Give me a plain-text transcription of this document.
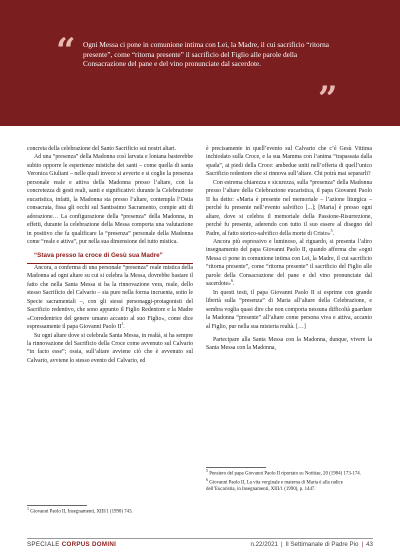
“ Ogni Messa ci pone in comunione intima con Lei, la Madre, il cui sacrificio “ritorna presente”, come “ritorna presente” il sacrificio del Figlio alle parole della Consacrazione del pane e del vino pronunciate dal sacerdote.

”

concreta della celebrazione del Santo Sacrificio sui nostri altari.

Ad una “presenza” della Madonna così larvata e lontana basterebbe subito opporre le esperienze mistiche dei santi – come quella di santa Veronica Giuliani – nelle quali invece si avverte e si coglie la presenza personale reale e attiva della Madonna presso l’altare, con la concretezza di gesti reali, santi e significativi: durante la Celebrazione eucaristica, infatti, la Madonna sta presso l’altare, contempla l’Ostia consacrata, fissa gli occhi sul Santissimo Sacramento, compie atti di adorazione… La configurazione della “presenza” della Madonna, in effetti, durante la celebrazione della Messa comporta una valutazione in positivo che fa qualificare la “presenza” personale della Madonna come “reale e attiva”, pur nella sua dimensione del tutto mistica.

“Stava presso la croce di Gesù sua Madre”

Ancora, a conferma di una personale “presenza” reale mistica della Madonna ad ogni altare su cui si celebra la Messa, dovrebbe bastare il fatto che nella Santa Messa si ha la rinnovazione vera, reale, dello stesso Sacrificio del Calvario – sia pure nella forma incruenta, sotto le Specie sacramentali –, con gli stessi personaggi-protagonisti del Sacrificio redentivo, che sono appunto il Figlio Redentore e la Madre «Corredentrice del genere umano accanto al suo Figlio», come dice espressamente il papa Giovanni Paolo $II^1$.

Su ogni altare dove si celebrala Santa Messa, in realtà, si ha sempre la rinnovazione del Sacrificio della Croce come avvenuto sul Calvario “in facto esse”; ossia, sull’altare avviene ciò che è avvenuto sul Calvario, avviene lo stesso evento del Calvario, ed

$^1$ Giovanni Paolo II, Insegnamenti, XIII/1 (1990) 743.

è precisamente in quell’evento sul Calvario che c’è Gesù Vittima inchiodato sulla Croce, e la sua Mamma con l’anima “trapassata dalla spada”, ai piedi della Croce: ambedue uniti nell’offerta di quell’unico Sacrificio redentore che si rinnova sull’altare. Chi potrà mai separarli?

Con estrema chiarezza e sicurezza, sulla “presenza” della Madonna presso l’altare della Celebrazione eucaristica, il papa Giovanni Paolo II ha detto: «Maria è presente nel memoriale – l’azione liturgica – perché fu presente nell’evento salvifico [...]; [Maria] è presso ogni altare, dove si celebra il memoriale della Passione-Risurrezione, perché fu presente, aderendo con tutto il suo essere al disegno del Padre, al fatto storico-salvifico della morte di Cristo»$^5$.

Ancora più espressivo e luminoso, al riguardo, si presenta l’altro insegnamento del papa Giovanni Paolo II, quando afferma che «ogni Messa ci pone in comunione intima con Lei, la Madre, il cui sacrificio “ritorna presente”, come “ritorna presente” il sacrificio del Figlio alle parole della Consacrazione del pane e del vino pronunciate dal sacerdote»$^6$.

In questi testi, il papa Giovanni Paolo II si esprime con grande libertà sulla “presenza” di Maria all’altare della Celebrazione, e sembra voglia quasi dire che non comporta nessuna difficoltà guardare la Madonna “presente” all’altare come persona viva e attiva, accanto al Figlio, pur nella sua misteria realtà. […]

Partecipare alla Santa Messa con la Madonna, dunque, vivere la Santa Messa con la Madonna,

$^5$ Pensiero del papa Giovanni Paolo II riportato su Notitiae, 20 (1984) 173-174.

$^6$ Giovanni Paolo II, La vita verginale e materna di Maria è alla radice dell’Eucaristia, in Insegnamenti, XIII/1 (1990), p. 1447.

SPECIALE CORPUS DOMINI	n.22/2021 | Il Settimanale di Padre Pio | 43
